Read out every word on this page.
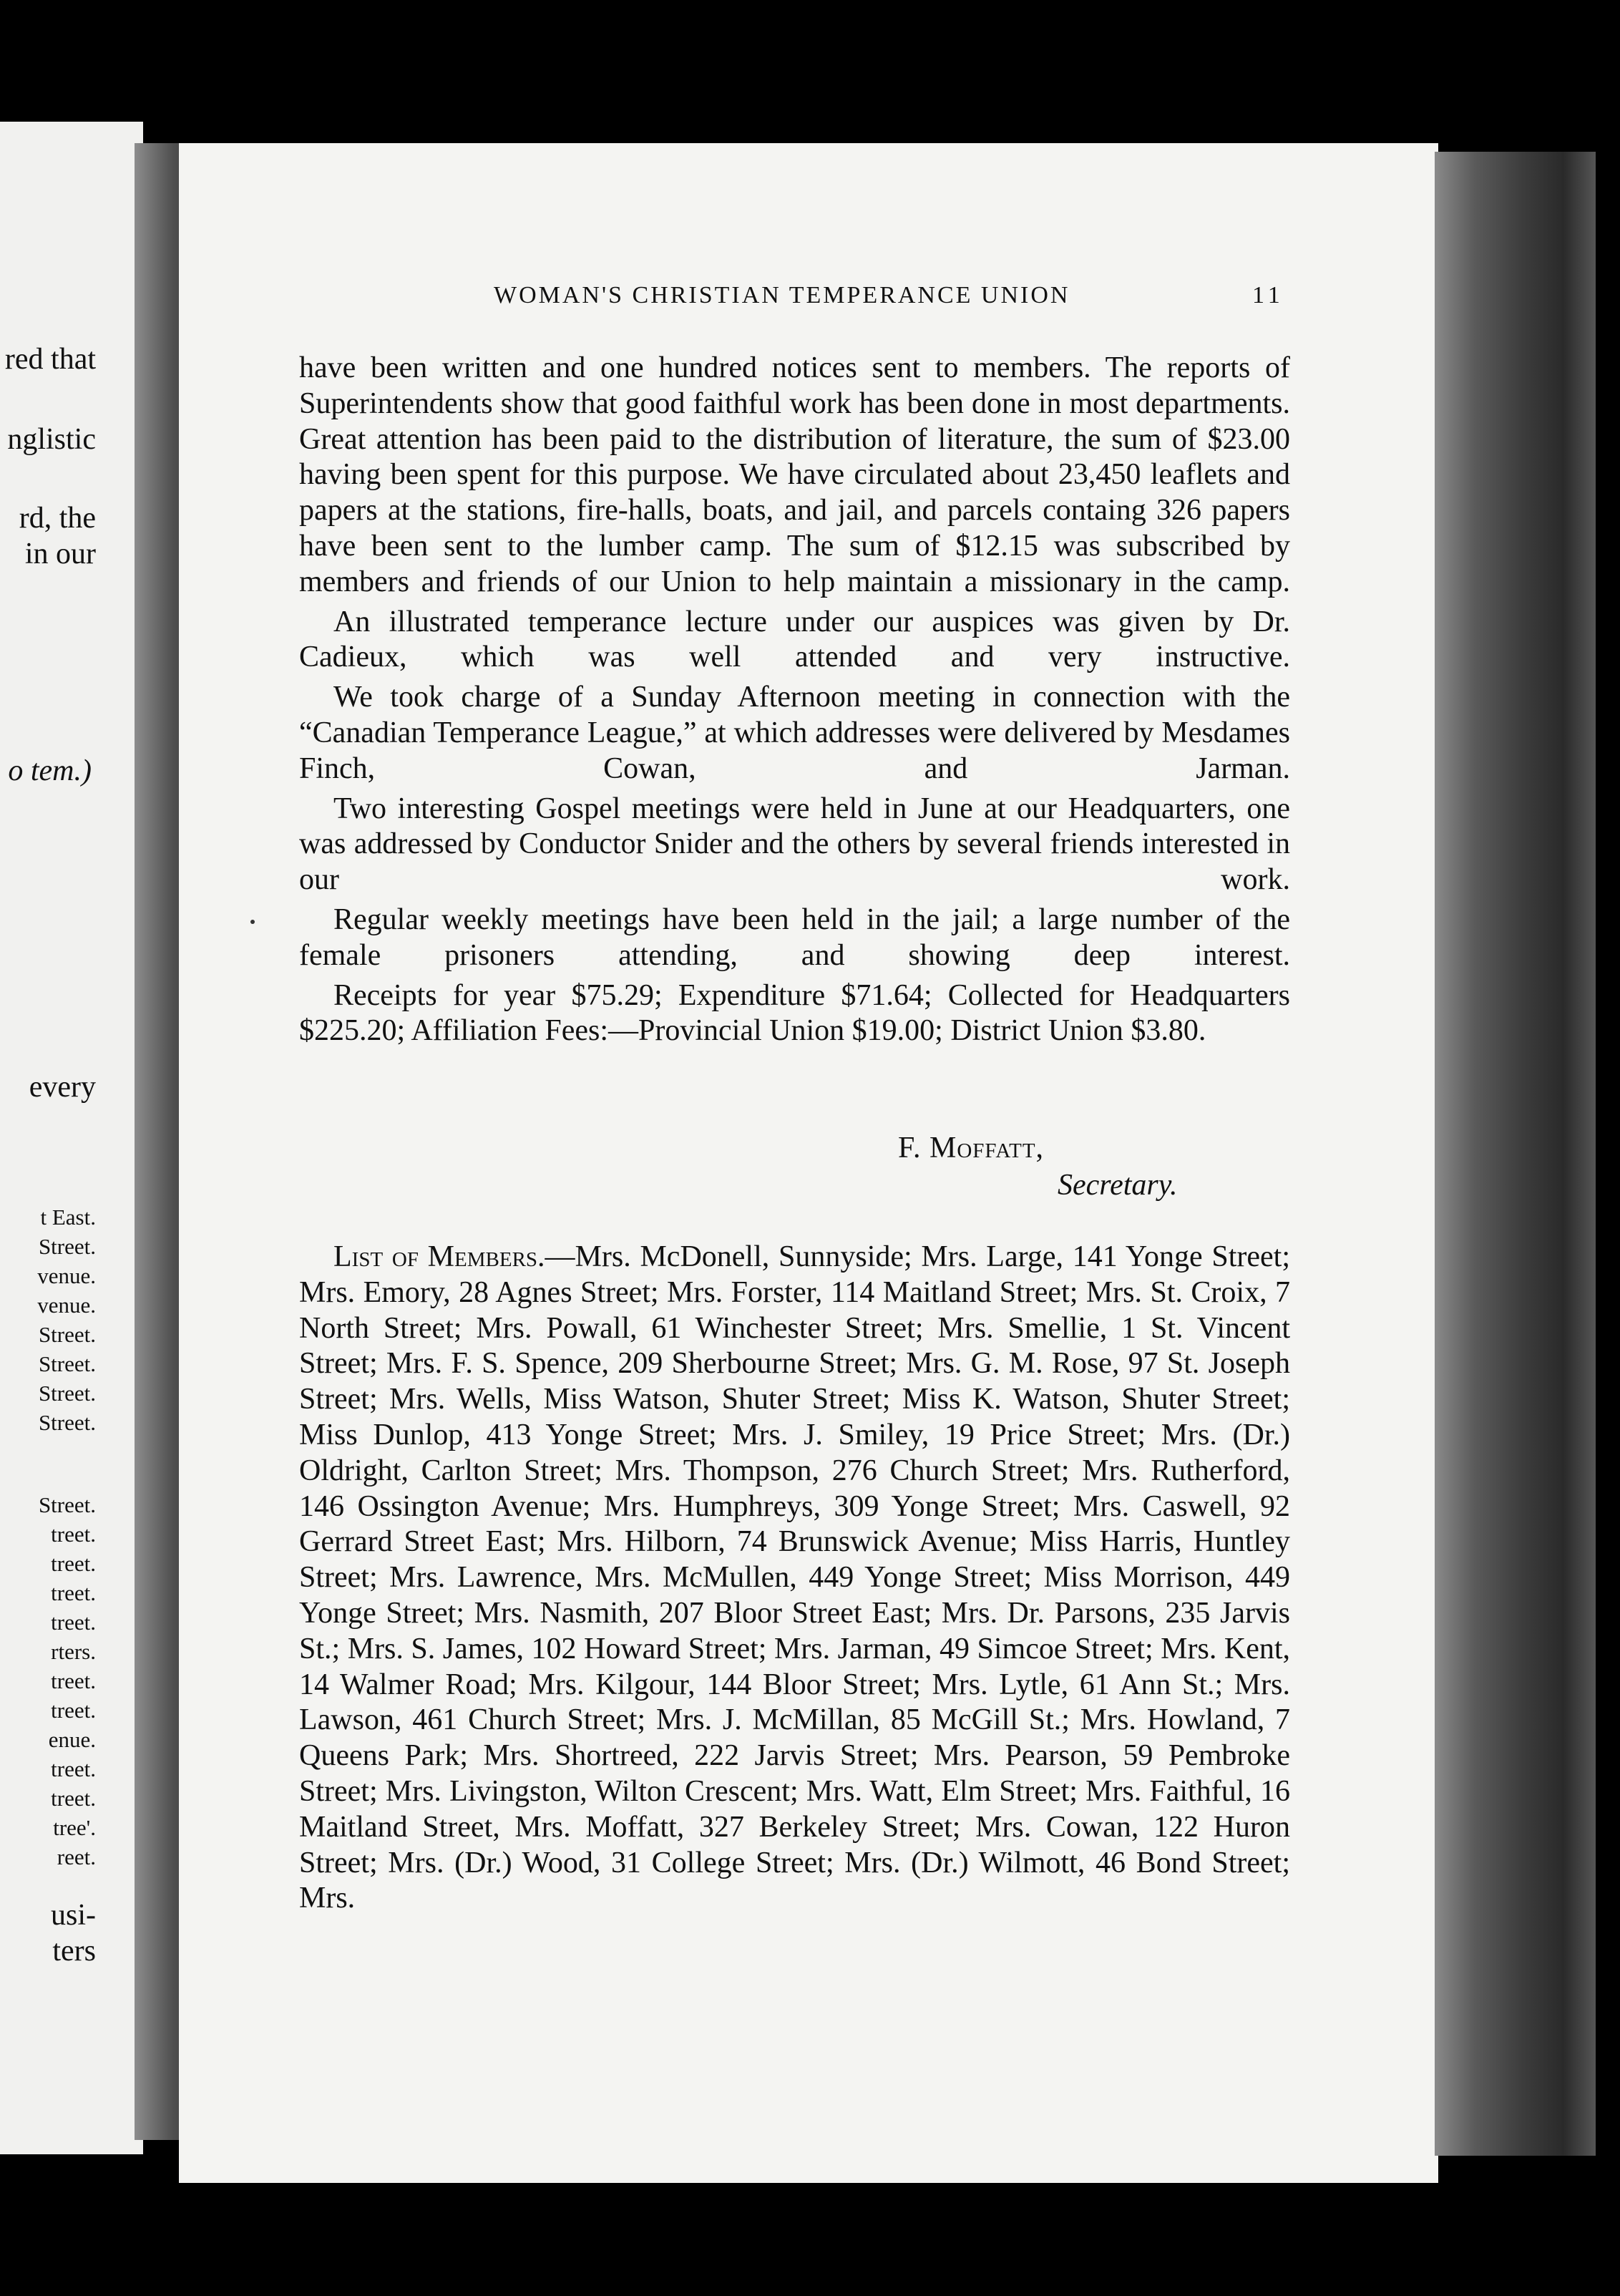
red that
nglistic
rd, the
in our
o tem.)
every
t East.
Street.
venue.
venue.
Street.
Street.
Street.
Street.
Street.
treet.
treet.
treet.
treet.
rters.
treet.
treet.
enue.
treet.
treet.
tree'.
reet.
usi-
ters
WOMAN'S CHRISTIAN TEMPERANCE UNION	11

have been written and one hundred notices sent to members. The reports of Superintendents show that good faithful work has been done in most departments. Great attention has been paid to the distribution of literature, the sum of $23.00 having been spent for this purpose. We have circulated about 23,450 leaflets and papers at the stations, fire-halls, boats, and jail, and parcels containg 326 papers have been sent to the lumber camp. The sum of $12.15 was subscribed by members and friends of our Union to help maintain a missionary in the camp.

An illustrated temperance lecture under our auspices was given by Dr. Cadieux, which was well attended and very instructive.

We took charge of a Sunday Afternoon meeting in connection with the “Canadian Temperance League,” at which addresses were delivered by Mesdames Finch, Cowan, and Jarman.

Two interesting Gospel meetings were held in June at our Headquarters, one was addressed by Conductor Snider and the others by several friends interested in our work.

Regular weekly meetings have been held in the jail; a large number of the female prisoners attending, and showing deep interest.

Receipts for year $75.29; Expenditure $71.64; Collected for Headquarters $225.20; Affiliation Fees:—Provincial Union $19.00; District Union $3.80.

F. Moffatt,
Secretary.

List of Members.—Mrs. McDonell, Sunnyside; Mrs. Large, 141 Yonge Street; Mrs. Emory, 28 Agnes Street; Mrs. Forster, 114 Maitland Street; Mrs. St. Croix, 7 North Street; Mrs. Powall, 61 Winchester Street; Mrs. Smellie, 1 St. Vincent Street; Mrs. F. S. Spence, 209 Sherbourne Street; Mrs. G. M. Rose, 97 St. Joseph Street; Mrs. Wells, Miss Watson, Shuter Street; Miss K. Watson, Shuter Street; Miss Dunlop, 413 Yonge Street; Mrs. J. Smiley, 19 Price Street; Mrs. (Dr.) Oldright, Carlton Street; Mrs. Thompson, 276 Church Street; Mrs. Rutherford, 146 Ossington Avenue; Mrs. Humphreys, 309 Yonge Street; Mrs. Caswell, 92 Gerrard Street East; Mrs. Hilborn, 74 Brunswick Avenue; Miss Harris, Huntley Street; Mrs. Lawrence, Mrs. McMullen, 449 Yonge Street; Miss Morrison, 449 Yonge Street; Mrs. Nasmith, 207 Bloor Street East; Mrs. Dr. Parsons, 235 Jarvis St.; Mrs. S. James, 102 Howard Street; Mrs. Jarman, 49 Simcoe Street; Mrs. Kent, 14 Walmer Road; Mrs. Kilgour, 144 Bloor Street; Mrs. Lytle, 61 Ann St.; Mrs. Lawson, 461 Church Street; Mrs. J. McMillan, 85 McGill St.; Mrs. Howland, 7 Queens Park; Mrs. Shortreed, 222 Jarvis Street; Mrs. Pearson, 59 Pembroke Street; Mrs. Livingston, Wilton Crescent; Mrs. Watt, Elm Street; Mrs. Faithful, 16 Maitland Street, Mrs. Moffatt, 327 Berkeley Street; Mrs. Cowan, 122 Huron Street; Mrs. (Dr.) Wood, 31 College Street; Mrs. (Dr.) Wilmott, 46 Bond Street; Mrs.
